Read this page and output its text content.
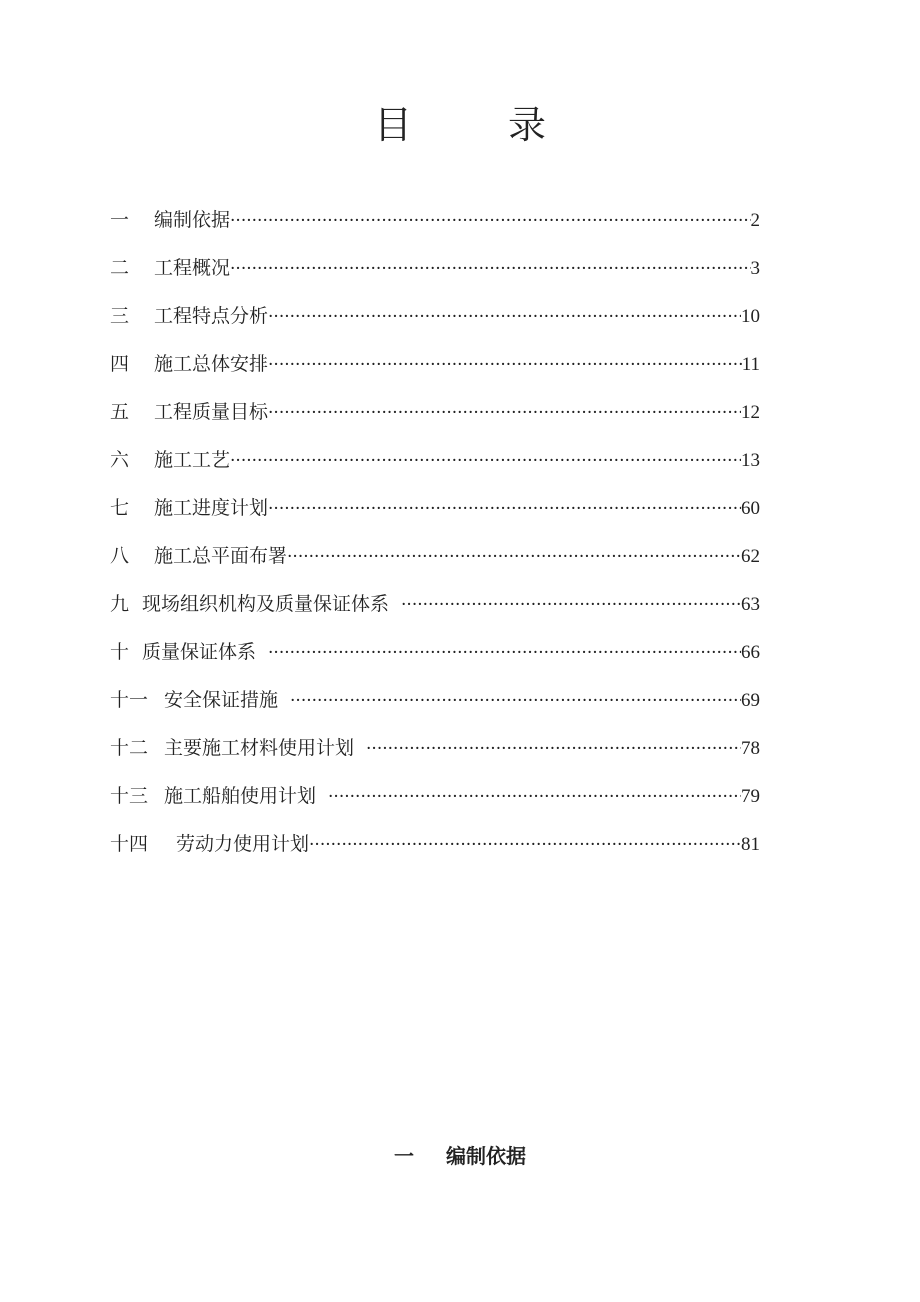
目	录
一	编制依据 ·····	2
二	工程概况 ·····	3
三	工程特点分析 ·····	10
四	施工总体安排 ·····	11
五	工程质量目标 ·····	12
六	施工工艺 ·····	13
七	施工进度计划 ·····	60
八	施工总平面布署 ·····	62
九 现场组织机构及质量保证体系 ·····	63
十 质量保证体系 ·····	66
十一 安全保证措施 ·····	69
十二 主要施工材料使用计划 ·····	78
十三 施工船舶使用计划 ·····	79
十四	劳动力使用计划 ·····	81
一 编制依据
